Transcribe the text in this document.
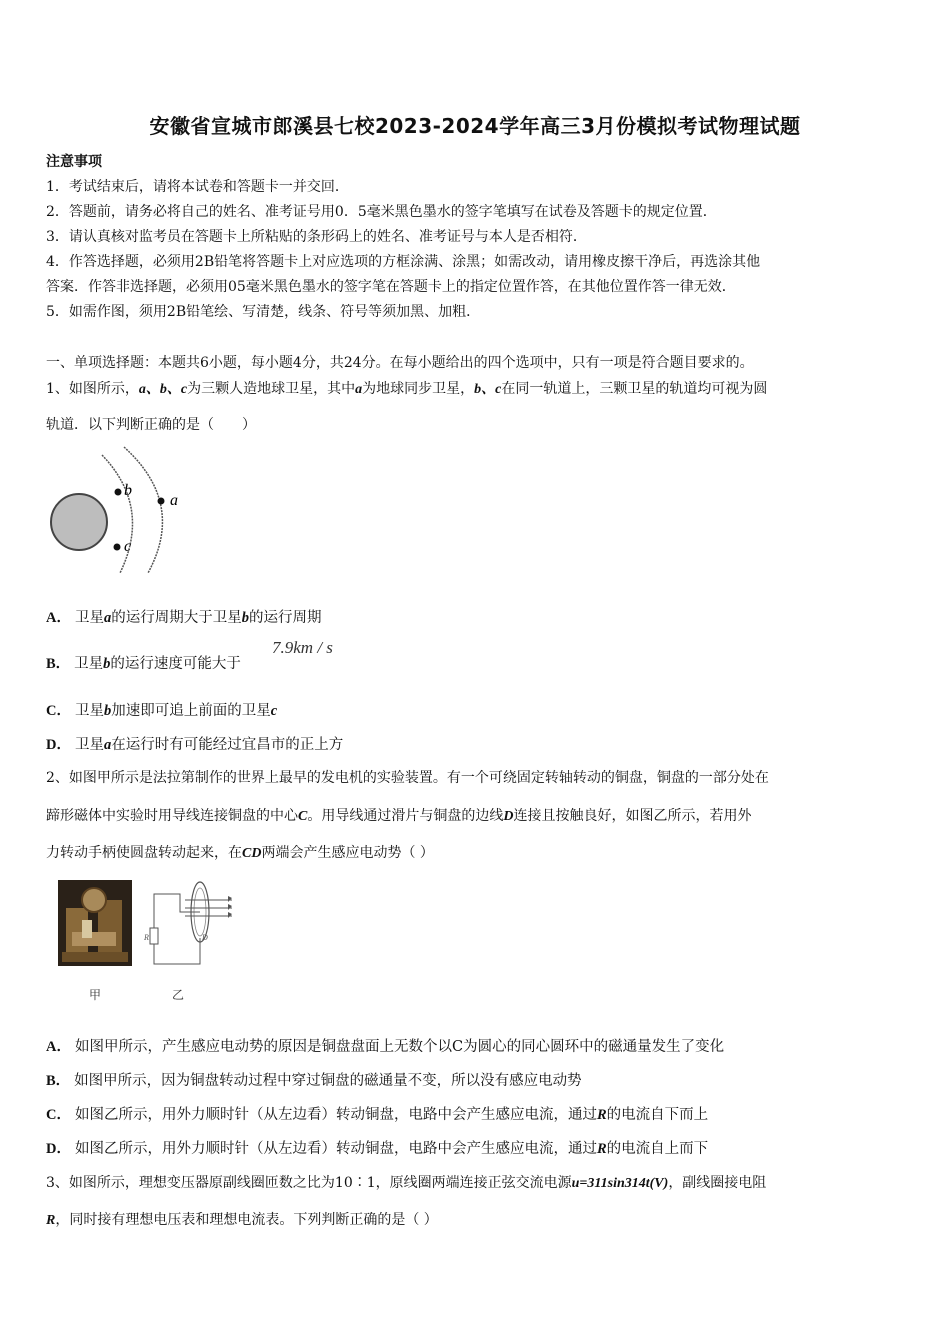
安徽省宣城市郎溪县七校2023-2024学年高三3月份模拟考试物理试题
注意事项
1．考试结束后，请将本试卷和答题卡一并交回．
2．答题前，请务必将自己的姓名、准考证号用0．5毫米黑色墨水的签字笔填写在试卷及答题卡的规定位置．
3．请认真核对监考员在答题卡上所粘贴的条形码上的姓名、准考证号与本人是否相符．
4．作答选择题，必须用2B铅笔将答题卡上对应选项的方框涂满、涂黑；如需改动，请用橡皮擦干净后，再选涂其他
答案．作答非选择题，必须用05毫米黑色墨水的签字笔在答题卡上的指定位置作答，在其他位置作答一律无效．
5．如需作图，须用2B铅笔绘、写清楚，线条、符号等须加黑、加粗．
一、单项选择题：本题共6小题，每小题4分，共24分。在每小题给出的四个选项中，只有一项是符合题目要求的。
1、如图所示，a、b、c为三颗人造地球卫星，其中a为地球同步卫星，b、c在同一轨道上，三颗卫星的轨道均可视为圆
轨道．以下判断正确的是（　　）
b
c
a
A． 卫星a的运行周期大于卫星b的运行周期
B． 卫星b的运行速度可能大于
7.9km / s
C． 卫星b加速即可追上前面的卫星c
D． 卫星a在运行时有可能经过宜昌市的正上方
2、如图甲所示是法拉第制作的世界上最早的发电机的实验装置。有一个可绕固定转轴转动的铜盘，铜盘的一部分处在
蹄形磁体中实验时用导线连接铜盘的中心C。用导线通过滑片与铜盘的边线D连接且按触良好，如图乙所示，若用外
力转动手柄使圆盘转动起来，在CD两端会产生感应电动势（ ）
R	D
甲	乙
A． 如图甲所示，产生感应电动势的原因是铜盘盘面上无数个以C为圆心的同心圆环中的磁通量发生了变化
B． 如图甲所示，因为铜盘转动过程中穿过铜盘的磁通量不变，所以没有感应电动势
C． 如图乙所示，用外力顺时针（从左边看）转动铜盘，电路中会产生感应电流，通过R的电流自下而上
D． 如图乙所示，用外力顺时针（从左边看）转动铜盘，电路中会产生感应电流，通过R的电流自上而下
3、如图所示，理想变压器原副线圈匝数之比为10∶1，原线圈两端连接正弦交流电源u=311sin314t(V)，副线圈接电阻
R，同时接有理想电压表和理想电流表。下列判断正确的是（ ）
